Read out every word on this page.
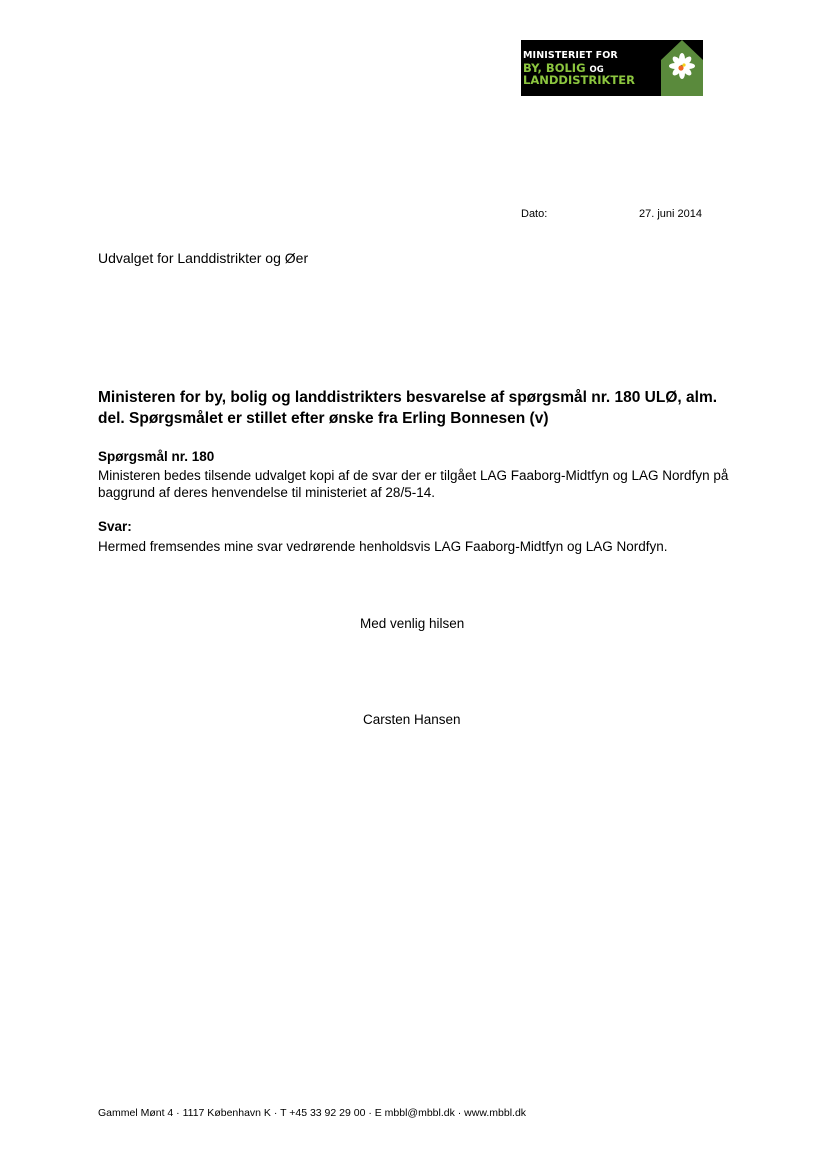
MINISTERIET FOR
BY, BOLIG OG
LANDDISTRIKTER
Dato:	27. juni 2014
Udvalget for Landdistrikter og Øer
Ministeren for by, bolig og landdistrikters besvarelse af spørgsmål nr. 180 ULØ, alm. del. Spørgsmålet er stillet efter ønske fra Erling Bonnesen (v)
Spørgsmål nr. 180
Ministeren bedes tilsende udvalget kopi af de svar der er tilgået LAG Faaborg-Midtfyn og LAG Nordfyn på baggrund af deres henvendelse til ministeriet af 28/5-14.
Svar:
Hermed fremsendes mine svar vedrørende henholdsvis LAG Faaborg-Midtfyn og LAG Nordfyn.
Med venlig hilsen
Carsten Hansen
Gammel Mønt 4 · 1117 København K · T +45 33 92 29 00 · E mbbl@mbbl.dk · www.mbbl.dk
